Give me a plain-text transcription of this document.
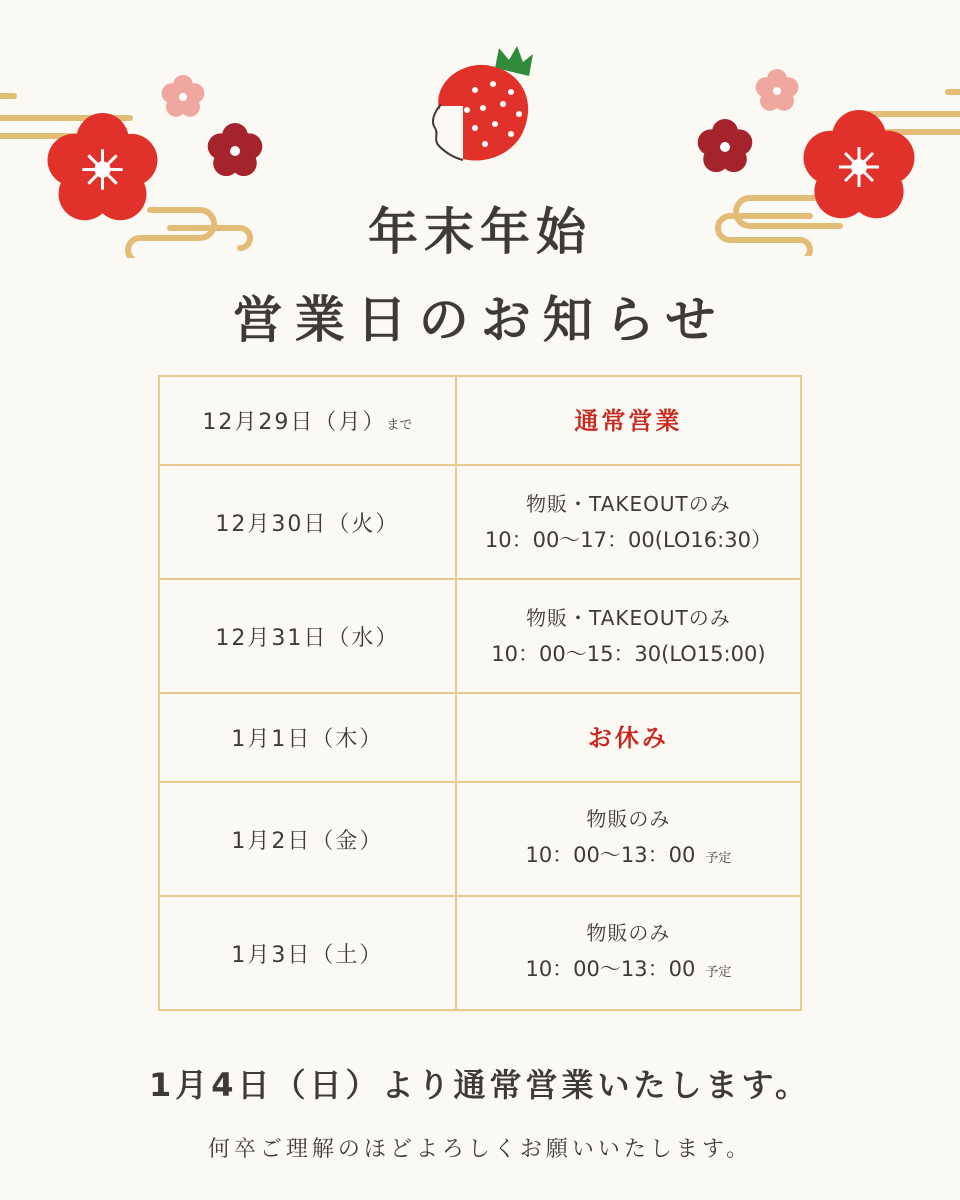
年末年始
営業日のお知らせ
12月29日（月）まで	通常営業
12月30日（火）	物販・TAKEOUTのみ
10：00〜17：00(LO16:30）

12月31日（水）	物販・TAKEOUTのみ
10：00〜15：30(LO15:00)

1月1日（木）	お休み
1月2日（金）	物販のみ
10：00〜13：00 予定

1月3日（土）	物販のみ
10：00〜13：00 予定
1月4日（日）より通常営業いたします。
何卒ご理解のほどよろしくお願いいたします。
